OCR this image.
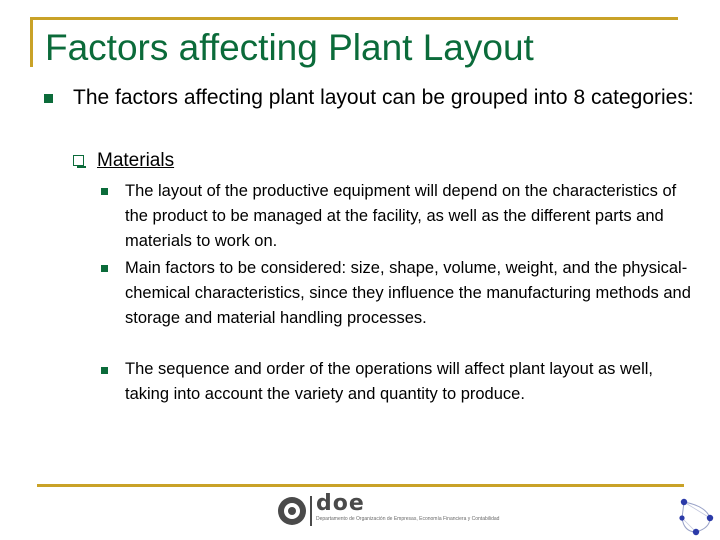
Factors affecting Plant Layout

The factors affecting plant layout can be grouped into 8 categories:

Materials

The layout of the productive equipment will depend on the characteristics of the product to be managed at the facility, as well as the different parts and materials to work on.

Main factors to be considered: size, shape, volume, weight, and the physical-chemical characteristics, since they influence the manufacturing methods and storage and material handling processes.

The sequence and order of the operations will affect plant layout as well, taking into account the variety and quantity to produce.

doe
Departamento de Organización de Empresas, Economía Financiera y Contabilidad
